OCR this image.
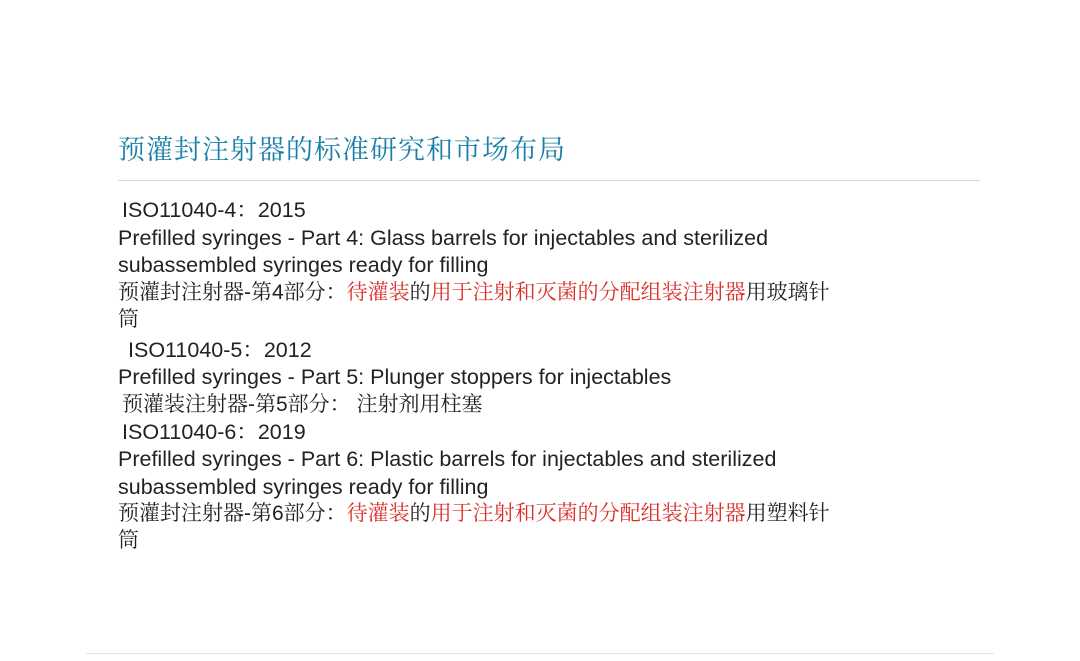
预灌封注射器的标准研究和市场布局

ISO11040-4：2015

Prefilled syringes - Part 4: Glass barrels for injectables and sterilized

subassembled syringes ready for filling

预灌封注射器-第4部分：待灌装的用于注射和灭菌的分配组装注射器用玻璃针

筒

ISO11040-5：2012

Prefilled syringes - Part 5: Plunger stoppers for injectables

预灌装注射器-第5部分： 注射剂用柱塞

ISO11040-6：2019

Prefilled syringes - Part 6: Plastic barrels for injectables and sterilized

subassembled syringes ready for filling

预灌封注射器-第6部分：待灌装的用于注射和灭菌的分配组装注射器用塑料针

筒
